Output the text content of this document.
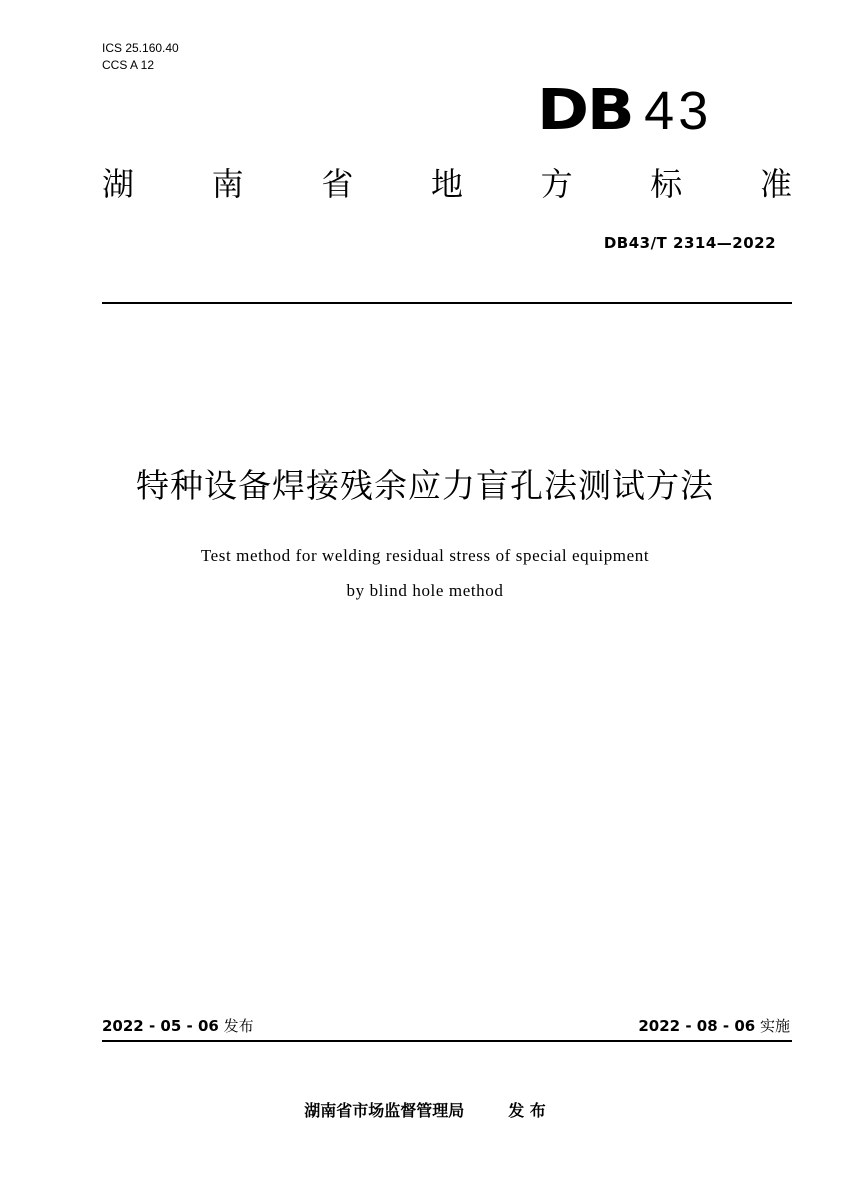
ICS 25.160.40
CCS A 12
DB 43
湖 南 省 地 方 标 准
DB43/T 2314—2022
特种设备焊接残余应力盲孔法测试方法
Test method for welding residual stress of special equipment
by blind hole method
2022 - 05 - 06 发布	2022 - 08 - 06 实施
湖南省市场监督管理局	发 布
